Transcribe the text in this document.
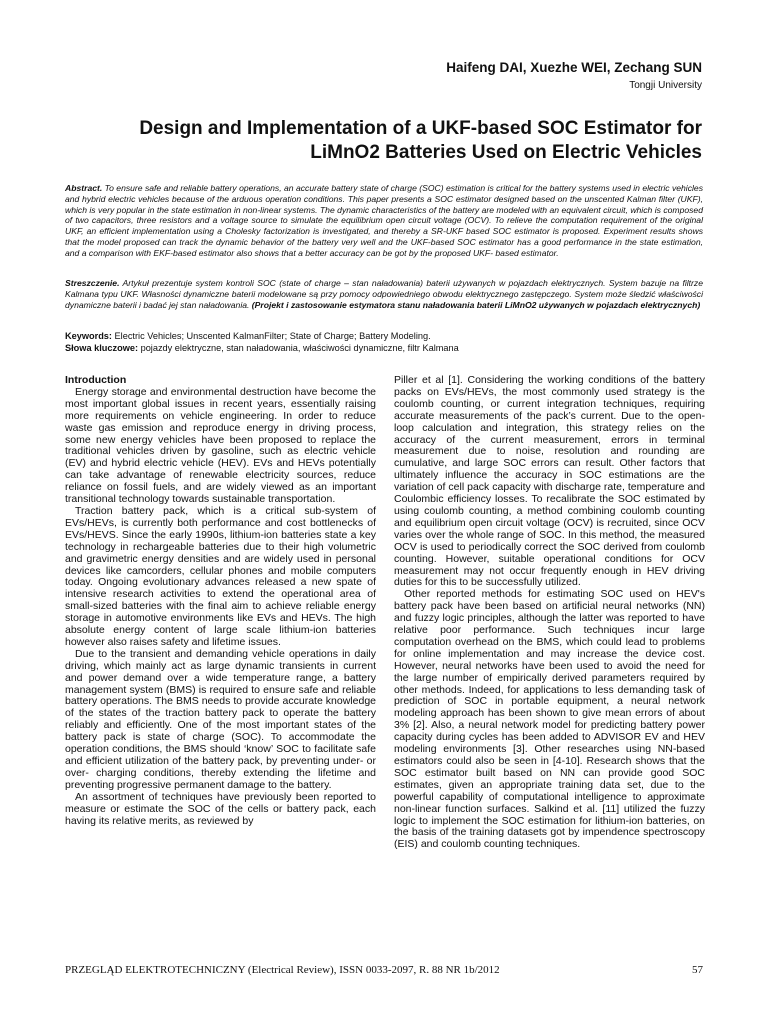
Haifeng DAI, Xuezhe WEI, Zechang SUN
Tongji University
Design and Implementation of a UKF-based SOC Estimator for
LiMnO2 Batteries Used on Electric Vehicles
Abstract. To ensure safe and reliable battery operations, an accurate battery state of charge (SOC) estimation is critical for the battery systems used in electric vehicles and hybrid electric vehicles because of the arduous operation conditions. This paper presents a SOC estimator designed based on the unscented Kalman filter (UKF), which is very popular in the state estimation in non-linear systems. The dynamic characteristics of the battery are modeled with an equivalent circuit, which is composed of two capacitors, three resistors and a voltage source to simulate the equilibrium open circuit voltage (OCV). To relieve the computation requirement of the original UKF, an efficient implementation using a Cholesky factorization is investigated, and thereby a SR-UKF based SOC estimator is proposed. Experiment results shows that the model proposed can track the dynamic behavior of the battery very well and the UKF-based SOC estimator has a good performance in the state estimation, and a comparison with EKF-based estimator also shows that a better accuracy can be got by the proposed UKF- based estimator.
Streszczenie. Artykuł prezentuje system kontroli SOC (state of charge – stan naładowania) baterii używanych w pojazdach elektrycznych. System bazuje na filtrze Kalmana typu UKF. Własności dynamiczne baterii modelowane są przy pomocy odpowiedniego obwodu elektrycznego zastępczego. System może śledzić właściwości dynamiczne baterii i badać jej stan naładowania. (Projekt i zastosowanie estymatora stanu naładowania baterii LiMnO2 używanych w pojazdach elektrycznych)
Keywords: Electric Vehicles; Unscented KalmanFilter; State of Charge; Battery Modeling.
Słowa kluczowe: pojazdy elektryczne, stan naładowania, właściwości dynamiczne, filtr Kalmana

Introduction

Energy storage and environmental destruction have become the most important global issues in recent years, essentially raising more requirements on vehicle engineering. In order to reduce waste gas emission and reproduce energy in driving process, some new energy vehicles have been proposed to replace the traditional vehicles driven by gasoline, such as electric vehicle (EV) and hybrid electric vehicle (HEV). EVs and HEVs potentially can take advantage of renewable electricity sources, reduce reliance on fossil fuels, and are widely viewed as an important transitional technology towards sustainable transportation.

Traction battery pack, which is a critical sub-system of EVs/HEVs, is currently both performance and cost bottlenecks of EVs/HEVS. Since the early 1990s, lithium-ion batteries state a key technology in rechargeable batteries due to their high volumetric and gravimetric energy densities and are widely used in personal devices like camcorders, cellular phones and mobile computers today. Ongoing evolutionary advances released a new spate of intensive research activities to extend the operational area of small-sized batteries with the final aim to achieve reliable energy storage in automotive environments like EVs and HEVs. The high absolute energy content of large scale lithium-ion batteries however also raises safety and lifetime issues.

Due to the transient and demanding vehicle operations in daily driving, which mainly act as large dynamic transients in current and power demand over a wide temperature range, a battery management system (BMS) is required to ensure safe and reliable battery operations. The BMS needs to provide accurate knowledge of the states of the traction battery pack to operate the battery reliably and efficiently. One of the most important states of the battery pack is state of charge (SOC). To accommodate the operation conditions, the BMS should ‘know’ SOC to facilitate safe and efficient utilization of the battery pack, by preventing under- or over- charging conditions, thereby extending the lifetime and preventing progressive permanent damage to the battery.

An assortment of techniques have previously been reported to measure or estimate the SOC of the cells or battery pack, each having its relative merits, as reviewed by

Piller et al [1]. Considering the working conditions of the battery packs on EVs/HEVs, the most commonly used strategy is the coulomb counting, or current integration techniques, requiring accurate measurements of the pack’s current. Due to the open-loop calculation and integration, this strategy relies on the accuracy of the current measurement, errors in terminal measurement due to noise, resolution and rounding are cumulative, and large SOC errors can result. Other factors that ultimately influence the accuracy in SOC estimations are the variation of cell pack capacity with discharge rate, temperature and Coulombic efficiency losses. To recalibrate the SOC estimated by using coulomb counting, a method combining coulomb counting and equilibrium open circuit voltage (OCV) is recruited, since OCV varies over the whole range of SOC. In this method, the measured OCV is used to periodically correct the SOC derived from coulomb counting. However, suitable operational conditions for OCV measurement may not occur frequently enough in HEV driving duties for this to be successfully utilized.

Other reported methods for estimating SOC used on HEV's battery pack have been based on artificial neural networks (NN) and fuzzy logic principles, although the latter was reported to have relative poor performance. Such techniques incur large computation overhead on the BMS, which could lead to problems for online implementation and may increase the device cost. However, neural networks have been used to avoid the need for the large number of empirically derived parameters required by other methods. Indeed, for applications to less demanding task of prediction of SOC in portable equipment, a neural network modeling approach has been shown to give mean errors of about 3% [2]. Also, a neural network model for predicting battery power capacity during cycles has been added to ADVISOR EV and HEV modeling environments [3]. Other researches using NN-based estimators could also be seen in [4-10]. Research shows that the SOC estimator built based on NN can provide good SOC estimates, given an appropriate training data set, due to the powerful capability of computational intelligence to approximate non-linear function surfaces. Salkind et al. [11] utilized the fuzzy logic to implement the SOC estimation for lithium-ion batteries, on the basis of the training datasets got by impendence spectroscopy (EIS) and coulomb counting techniques.

PRZEGLĄD ELEKTROTECHNICZNY (Electrical Review), ISSN 0033-2097, R. 88 NR 1b/2012	57
